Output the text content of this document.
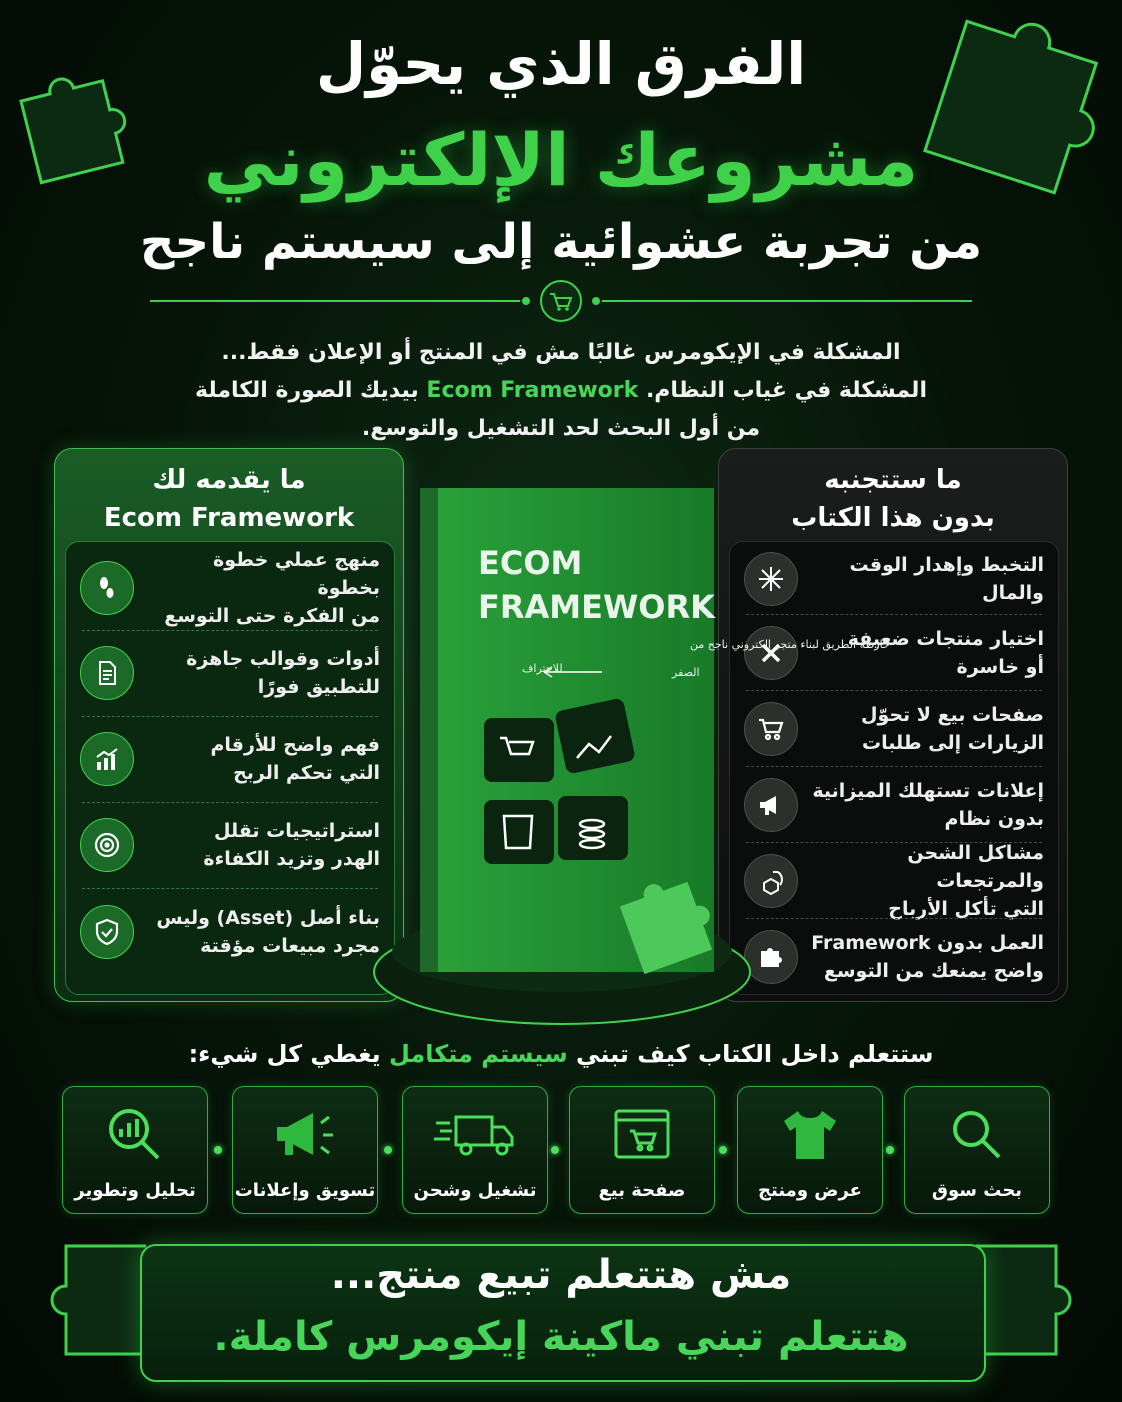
الفرق الذي يحوّل
مشروعك الإلكتروني
من تجربة عشوائية إلى سيستم ناجح
المشكلة في الإيكومرس غالبًا مش في المنتج أو الإعلان فقط...
المشكلة في غياب النظام. Ecom Framework بيديك الصورة الكاملة
من أول البحث لحد التشغيل والتوسع.
ما ستتجنبه
بدون هذا الكتاب
التخبط وإهدار الوقت والمال
اختيار منتجات ضعيفة
أو خاسرة
صفحات بيع لا تحوّل
الزيارات إلى طلبات
إعلانات تستهلك الميزانية
بدون نظام
مشاكل الشحن والمرتجعات
التي تأكل الأرباح
العمل بدون Framework
واضح يمنعك من التوسع
ما يقدمه لك
Ecom Framework
منهج عملي خطوة بخطوة
من الفكرة حتى التوسع
أدوات وقوالب جاهزة
للتطبيق فورًا
فهم واضح للأرقام
التي تحكم الربح
استراتيجيات تقلل
الهدر وتزيد الكفاءة
بناء أصل (Asset) وليس
مجرد مبيعات مؤقتة
ECOM
FRAMEWORK
خارطة الطريق لبناء متجر إلكتروني ناجح من
الصفر
للاحتراف
ستتعلم داخل الكتاب كيف تبني سيستم متكامل يغطي كل شيء:
بحث سوق
عرض ومنتج
صفحة بيع
تشغيل وشحن
تسويق وإعلانات
تحليل وتطوير
مش هتتعلم تبيع منتج...
هتتعلم تبني ماكينة إيكومرس كاملة.
